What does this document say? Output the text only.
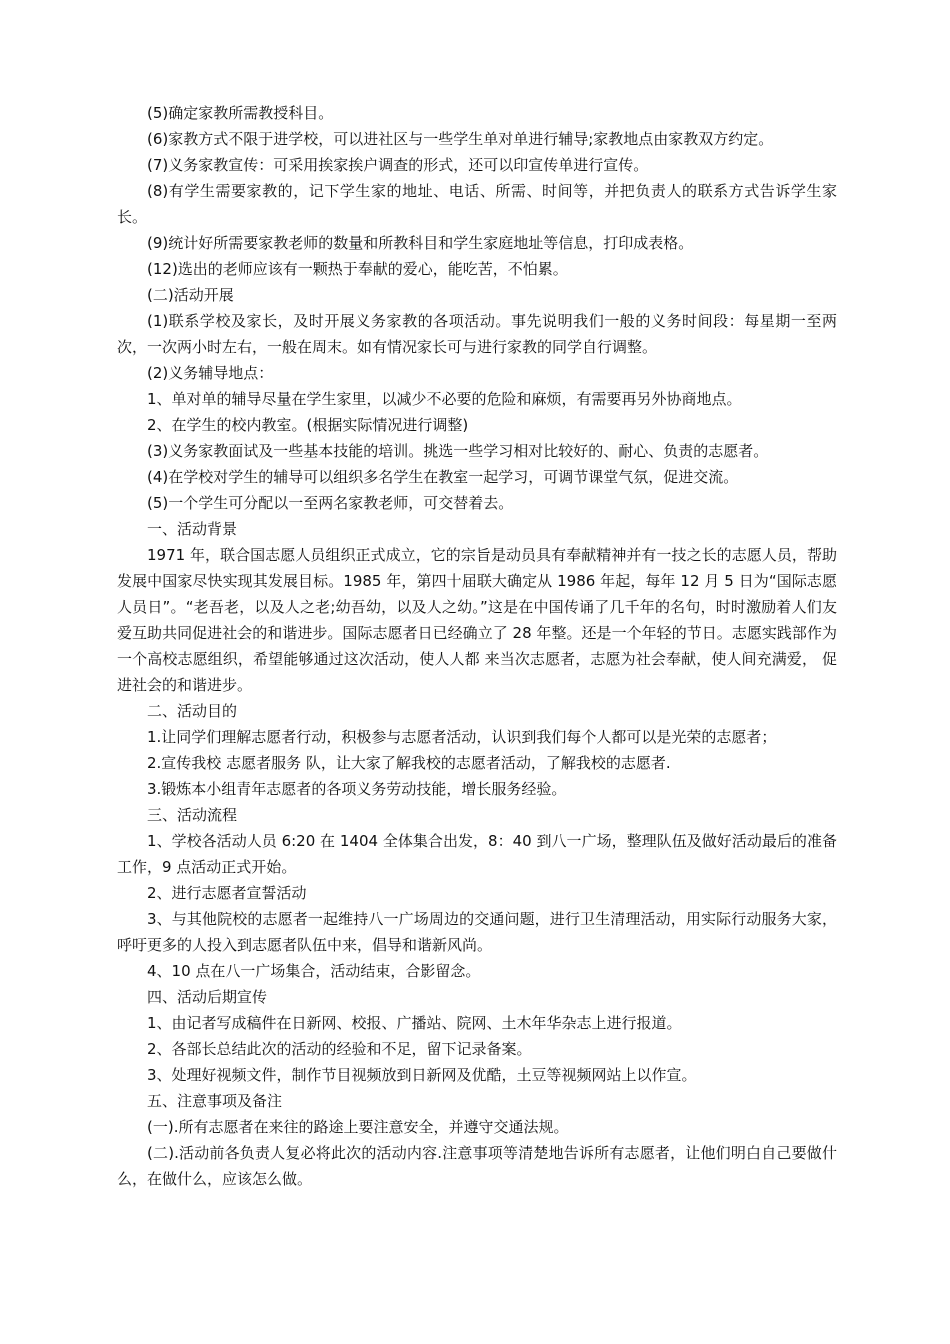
(5)确定家教所需教授科目。

(6)家教方式不限于进学校，可以进社区与一些学生单对单进行辅导;家教地点由家教双方约定。

(7)义务家教宣传：可采用挨家挨户调查的形式，还可以印宣传单进行宣传。

(8)有学生需要家教的，记下学生家的地址、电话、所需、时间等，并把负责人的联系方式告诉学生家长。

(9)统计好所需要家教老师的数量和所教科目和学生家庭地址等信息，打印成表格。

(12)选出的老师应该有一颗热于奉献的爱心，能吃苦，不怕累。

(二)活动开展

(1)联系学校及家长，及时开展义务家教的各项活动。事先说明我们一般的义务时间段：每星期一至两次，一次两小时左右，一般在周末。如有情况家长可与进行家教的同学自行调整。

(2)义务辅导地点：

1、单对单的辅导尽量在学生家里，以减少不必要的危险和麻烦，有需要再另外协商地点。

2、在学生的校内教室。(根据实际情况进行调整)

(3)义务家教面试及一些基本技能的培训。挑选一些学习相对比较好的、耐心、负责的志愿者。

(4)在学校对学生的辅导可以组织多名学生在教室一起学习，可调节课堂气氛，促进交流。

(5)一个学生可分配以一至两名家教老师，可交替着去。

一、活动背景

1971 年，联合国志愿人员组织正式成立，它的宗旨是动员具有奉献精神并有一技之长的志愿人员，帮助发展中国家尽快实现其发展目标。1985 年，第四十届联大确定从 1986 年起，每年 12 月 5 日为“国际志愿人员日”。“老吾老，以及人之老;幼吾幼，以及人之幼。”这是在中国传诵了几千年的名句，时时激励着人们友爱互助共同促进社会的和谐进步。国际志愿者日已经确立了 28 年整。还是一个年轻的节日。志愿实践部作为一个高校志愿组织，希望能够通过这次活动，使人人都 来当次志愿者，志愿为社会奉献，使人间充满爱， 促进社会的和谐进步。

二、活动目的

1.让同学们理解志愿者行动，积极参与志愿者活动，认识到我们每个人都可以是光荣的志愿者；

2.宣传我校 志愿者服务 队，让大家了解我校的志愿者活动，了解我校的志愿者.

3.锻炼本小组青年志愿者的各项义务劳动技能，增长服务经验。

三、活动流程

1、学校各活动人员 6:20 在 1404 全体集合出发，8：40 到八一广场，整理队伍及做好活动最后的准备工作，9 点活动正式开始。

2、进行志愿者宣誓活动

3、与其他院校的志愿者一起维持八一广场周边的交通问题，进行卫生清理活动，用实际行动服务大家，呼吁更多的人投入到志愿者队伍中来，倡导和谐新风尚。

4、10 点在八一广场集合，活动结束，合影留念。

四、活动后期宣传

1、由记者写成稿件在日新网、校报、广播站、院网、土木年华杂志上进行报道。

2、各部长总结此次的活动的经验和不足，留下记录备案。

3、处理好视频文件，制作节目视频放到日新网及优酷，土豆等视频网站上以作宣。

五、注意事项及备注

(一).所有志愿者在来往的路途上要注意安全，并遵守交通法规。

(二).活动前各负责人复必将此次的活动内容.注意事项等清楚地告诉所有志愿者，让他们明白自己要做什么，在做什么，应该怎么做。
